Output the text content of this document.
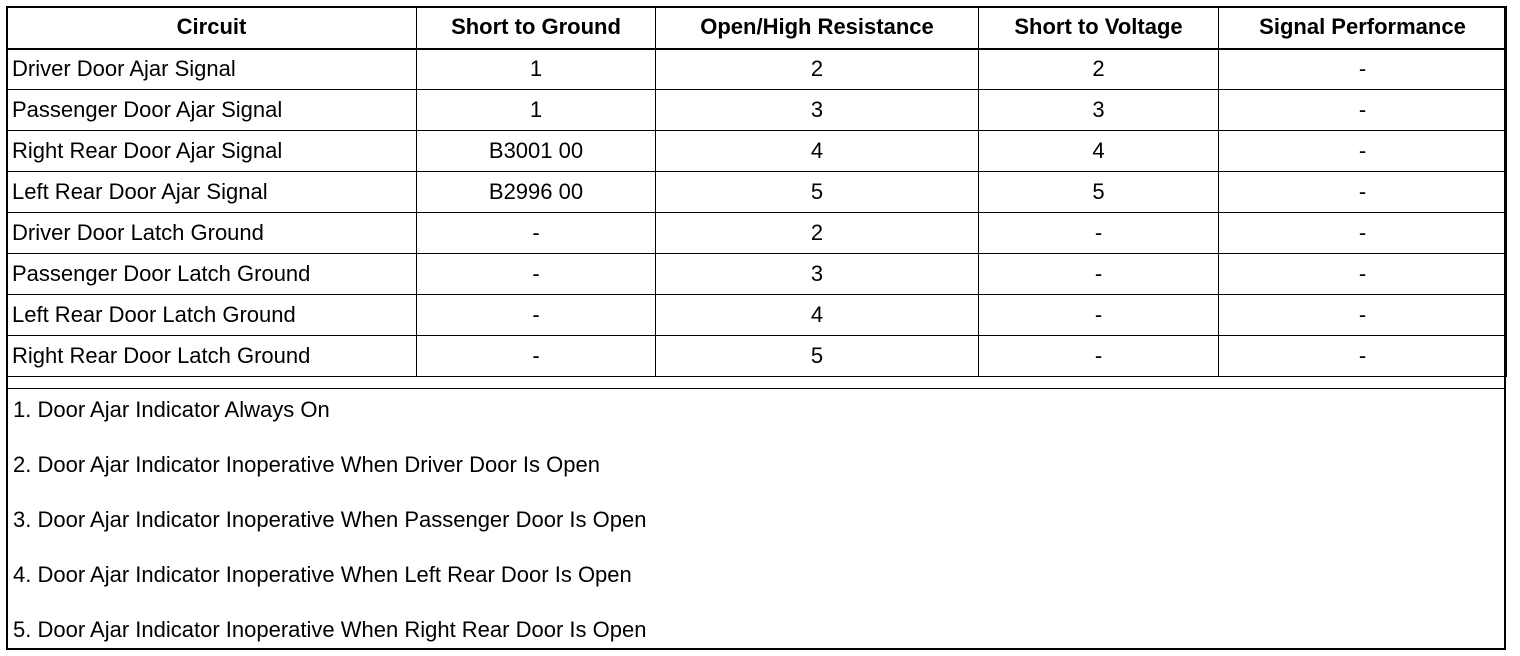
Circuit	Short to Ground	Open/High Resistance	Short to Voltage	Signal Performance
Driver Door Ajar Signal	1	2	2	-
Passenger Door Ajar Signal	1	3	3	-
Right Rear Door Ajar Signal	B3001 00	4	4	-
Left Rear Door Ajar Signal	B2996 00	5	5	-
Driver Door Latch Ground	-	2	-	-
Passenger Door Latch Ground	-	3	-	-
Left Rear Door Latch Ground	-	4	-	-
Right Rear Door Latch Ground	-	5	-	-
1. Door Ajar Indicator Always On
2. Door Ajar Indicator Inoperative When Driver Door Is Open
3. Door Ajar Indicator Inoperative When Passenger Door Is Open
4. Door Ajar Indicator Inoperative When Left Rear Door Is Open
5. Door Ajar Indicator Inoperative When Right Rear Door Is Open
